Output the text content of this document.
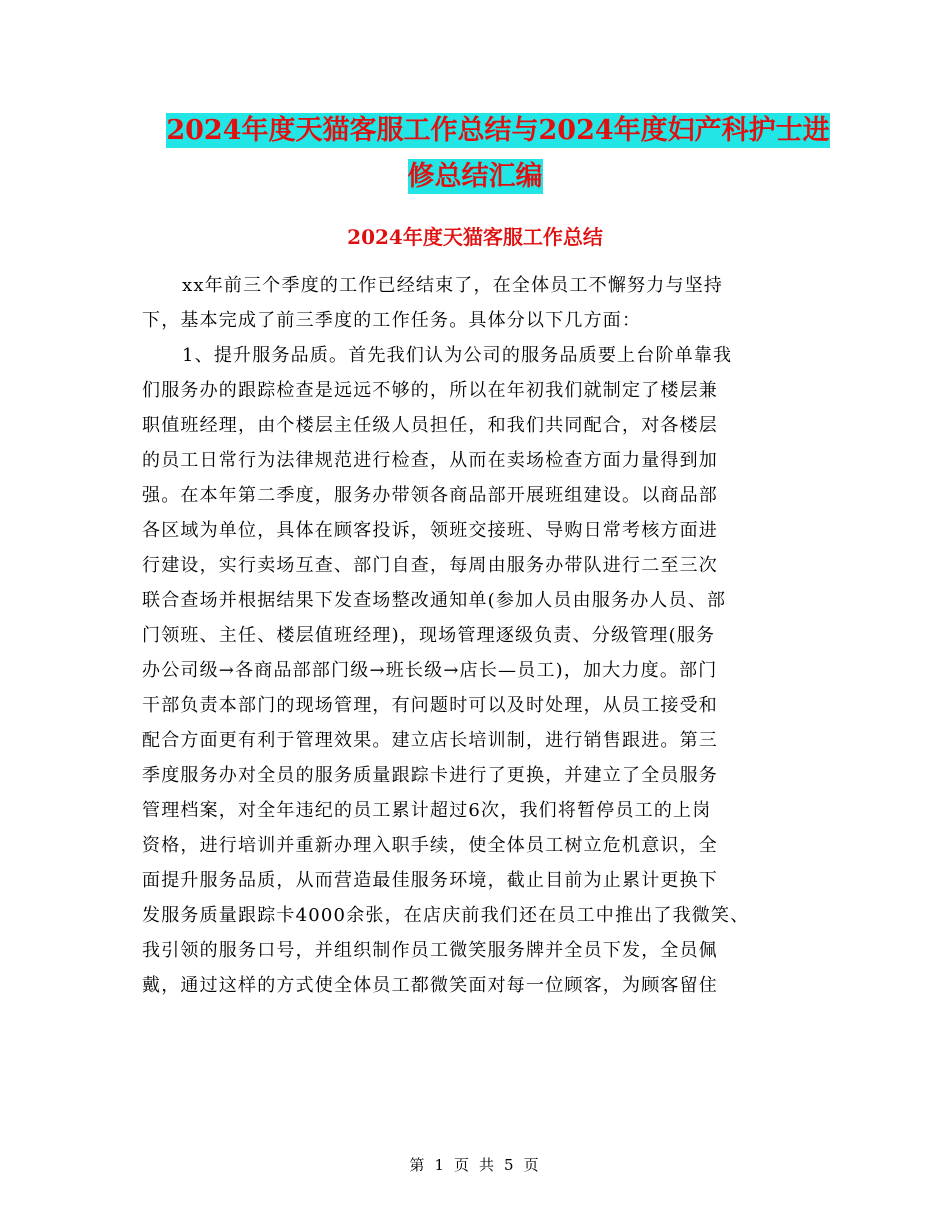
2024年度天猫客服工作总结与2024年度妇产科护士进
修总结汇编
2024年度天猫客服工作总结
xx年前三个季度的工作已经结束了，在全体员工不懈努力与坚持
下，基本完成了前三季度的工作任务。具体分以下几方面：
1、提升服务品质。首先我们认为公司的服务品质要上台阶单靠我
们服务办的跟踪检查是远远不够的，所以在年初我们就制定了楼层兼
职值班经理，由个楼层主任级人员担任，和我们共同配合，对各楼层
的员工日常行为法律规范进行检查，从而在卖场检查方面力量得到加
强。在本年第二季度，服务办带领各商品部开展班组建设。以商品部
各区域为单位，具体在顾客投诉，领班交接班、导购日常考核方面进
行建设，实行卖场互查、部门自查，每周由服务办带队进行二至三次
联合查场并根据结果下发查场整改通知单(参加人员由服务办人员、部
门领班、主任、楼层值班经理)，现场管理逐级负责、分级管理(服务
办公司级→各商品部部门级→班长级→店长—员工)，加大力度。部门
干部负责本部门的现场管理，有问题时可以及时处理，从员工接受和
配合方面更有利于管理效果。建立店长培训制，进行销售跟进。第三
季度服务办对全员的服务质量跟踪卡进行了更换，并建立了全员服务
管理档案，对全年违纪的员工累计超过6次，我们将暂停员工的上岗
资格，进行培训并重新办理入职手续，使全体员工树立危机意识，全
面提升服务品质，从而营造最佳服务环境，截止目前为止累计更换下
发服务质量跟踪卡4000余张，在店庆前我们还在员工中推出了我微笑、
我引领的服务口号，并组织制作员工微笑服务牌并全员下发，全员佩
戴，通过这样的方式使全体员工都微笑面对每一位顾客，为顾客留住
第 1 页 共 5 页
